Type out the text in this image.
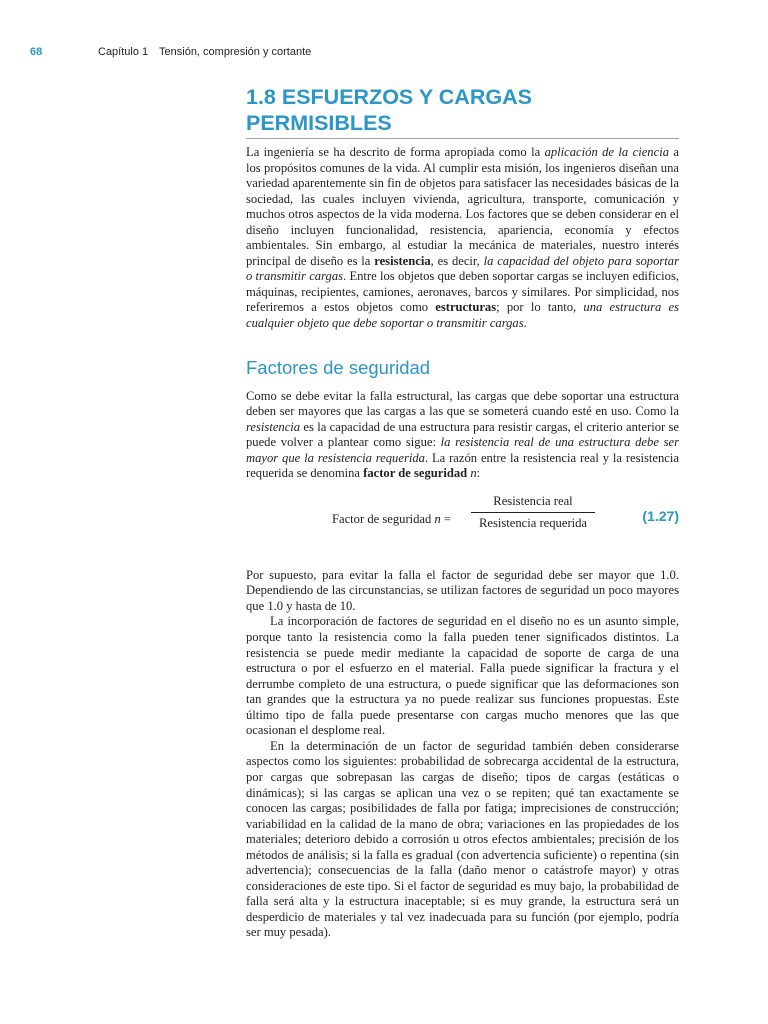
68	Capítulo 1 Tensión, compresión y cortante
1.8 ESFUERZOS Y CARGAS
PERMISIBLES

La ingeniería se ha descrito de forma apropiada como la aplicación de la ciencia a los propósitos comunes de la vida. Al cumplir esta misión, los ingenieros diseñan una variedad aparentemente sin fin de objetos para satisfacer las necesidades básicas de la sociedad, las cuales incluyen vivienda, agricultura, transporte, comunicación y muchos otros aspectos de la vida moderna. Los factores que se deben considerar en el diseño incluyen funcionalidad, resistencia, apariencia, economía y efectos ambientales. Sin embargo, al estudiar la mecánica de materiales, nuestro interés principal de diseño es la resistencia, es decir, la capacidad del objeto para soportar o transmitir cargas. Entre los objetos que deben soportar cargas se incluyen edificios, máquinas, recipientes, camiones, aeronaves, barcos y similares. Por simplicidad, nos referiremos a estos objetos como estructuras; por lo tanto, una estructura es cualquier objeto que debe soportar o transmitir cargas.

Factores de seguridad

Como se debe evitar la falla estructural, las cargas que debe soportar una estructura deben ser mayores que las cargas a las que se someterá cuando esté en uso. Como la resistencia es la capacidad de una estructura para resistir cargas, el criterio anterior se puede volver a plantear como sigue: la resistencia real de una estructura debe ser mayor que la resistencia requerida. La razón entre la resistencia real y la resistencia requerida se denomina factor de seguridad n:

Factor de seguridad n =
Resistencia real
Resistencia requerida	(1.27)

Por supuesto, para evitar la falla el factor de seguridad debe ser mayor que 1.0. Dependiendo de las circunstancias, se utilizan factores de seguridad un poco mayores que 1.0 y hasta de 10.

La incorporación de factores de seguridad en el diseño no es un asunto simple, porque tanto la resistencia como la falla pueden tener significados distintos. La resistencia se puede medir mediante la capacidad de soporte de carga de una estructura o por el esfuerzo en el material. Falla puede significar la fractura y el derrumbe completo de una estructura, o puede significar que las deformaciones son tan grandes que la estructura ya no puede realizar sus funciones propuestas. Este último tipo de falla puede presentarse con cargas mucho menores que las que ocasionan el desplome real.

En la determinación de un factor de seguridad también deben considerarse aspectos como los siguientes: probabilidad de sobrecarga accidental de la estructura, por cargas que sobrepasan las cargas de diseño; tipos de cargas (estáticas o dinámicas); si las cargas se aplican una vez o se repiten; qué tan exactamente se conocen las cargas; posibilidades de falla por fatiga; imprecisiones de construcción; variabilidad en la calidad de la mano de obra; variaciones en las propiedades de los materiales; deterioro debido a corrosión u otros efectos ambientales; precisión de los métodos de análisis; si la falla es gradual (con advertencia suficiente) o repentina (sin advertencia); consecuencias de la falla (daño menor o catástrofe mayor) y otras consideraciones de este tipo. Si el factor de seguridad es muy bajo, la probabilidad de falla será alta y la estructura inaceptable; si es muy grande, la estructura será un desperdicio de materiales y tal vez inadecuada para su función (por ejemplo, podría ser muy pesada).
